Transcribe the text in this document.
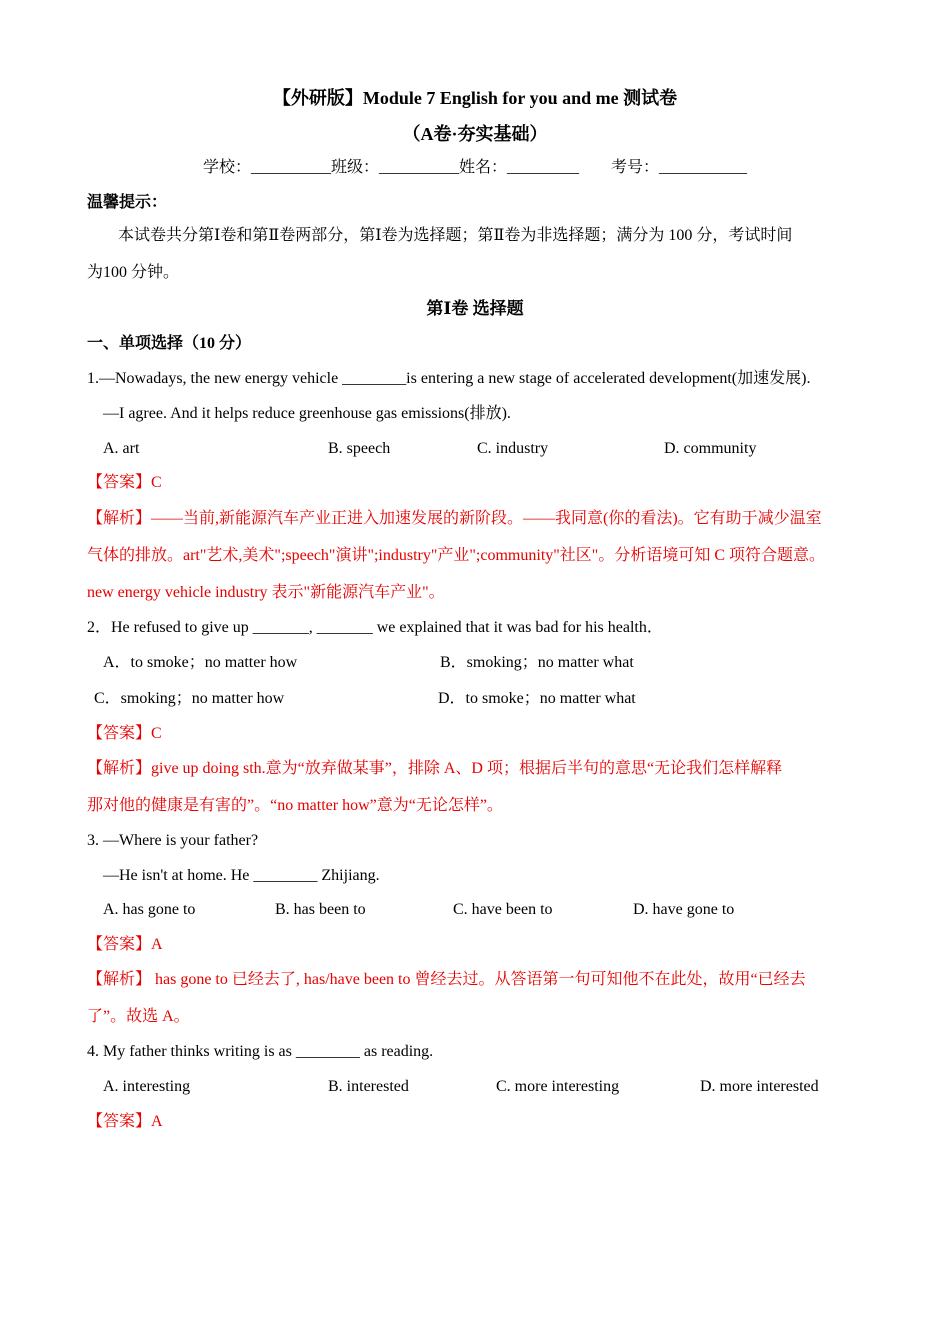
【外研版】Module 7 English for you and me 测试卷
（A卷·夯实基础）
学校：__________班级：__________姓名：_________　　考号：___________
温馨提示：
本试卷共分第Ⅰ卷和第Ⅱ卷两部分，第Ⅰ卷为选择题；第Ⅱ卷为非选择题；满分为 100 分，考试时间
为100 分钟。
第Ⅰ卷 选择题
一、单项选择（10 分）
1.—Nowadays, the new energy vehicle ________is entering a new stage of accelerated development(加速发展).
—I agree. And it helps reduce greenhouse gas emissions(排放).
A. art	B. speech	C. industry	D. community
【答案】C
【解析】——当前,新能源汽车产业正进入加速发展的新阶段。——我同意(你的看法)。它有助于减少温室
气体的排放。art"艺术,美术";speech"演讲";industry"产业";community"社区"。分析语境可知 C 项符合题意。
new energy vehicle industry 表示"新能源汽车产业"。
2．He refused to give up _______, _______ we explained that it was bad for his health．
A．to smoke；no matter how	B．smoking；no matter what
C．smoking；no matter how	D．to smoke；no matter what
【答案】C
【解析】give up doing sth.意为“放弃做某事”，排除 A、D 项；根据后半句的意思“无论我们怎样解释
那对他的健康是有害的”。“no matter how”意为“无论怎样”。
3. —Where is your father?
—He isn't at home. He ________ Zhijiang.
A. has gone to	B. has been to	C. have been to	D. have gone to
【答案】A
【解析】 has gone to 已经去了, has/have been to 曾经去过。从答语第一句可知他不在此处，故用“已经去
了”。故选 A。
4. My father thinks writing is as ________ as reading.
A. interesting	B. interested	C. more interesting	D. more interested
【答案】A
